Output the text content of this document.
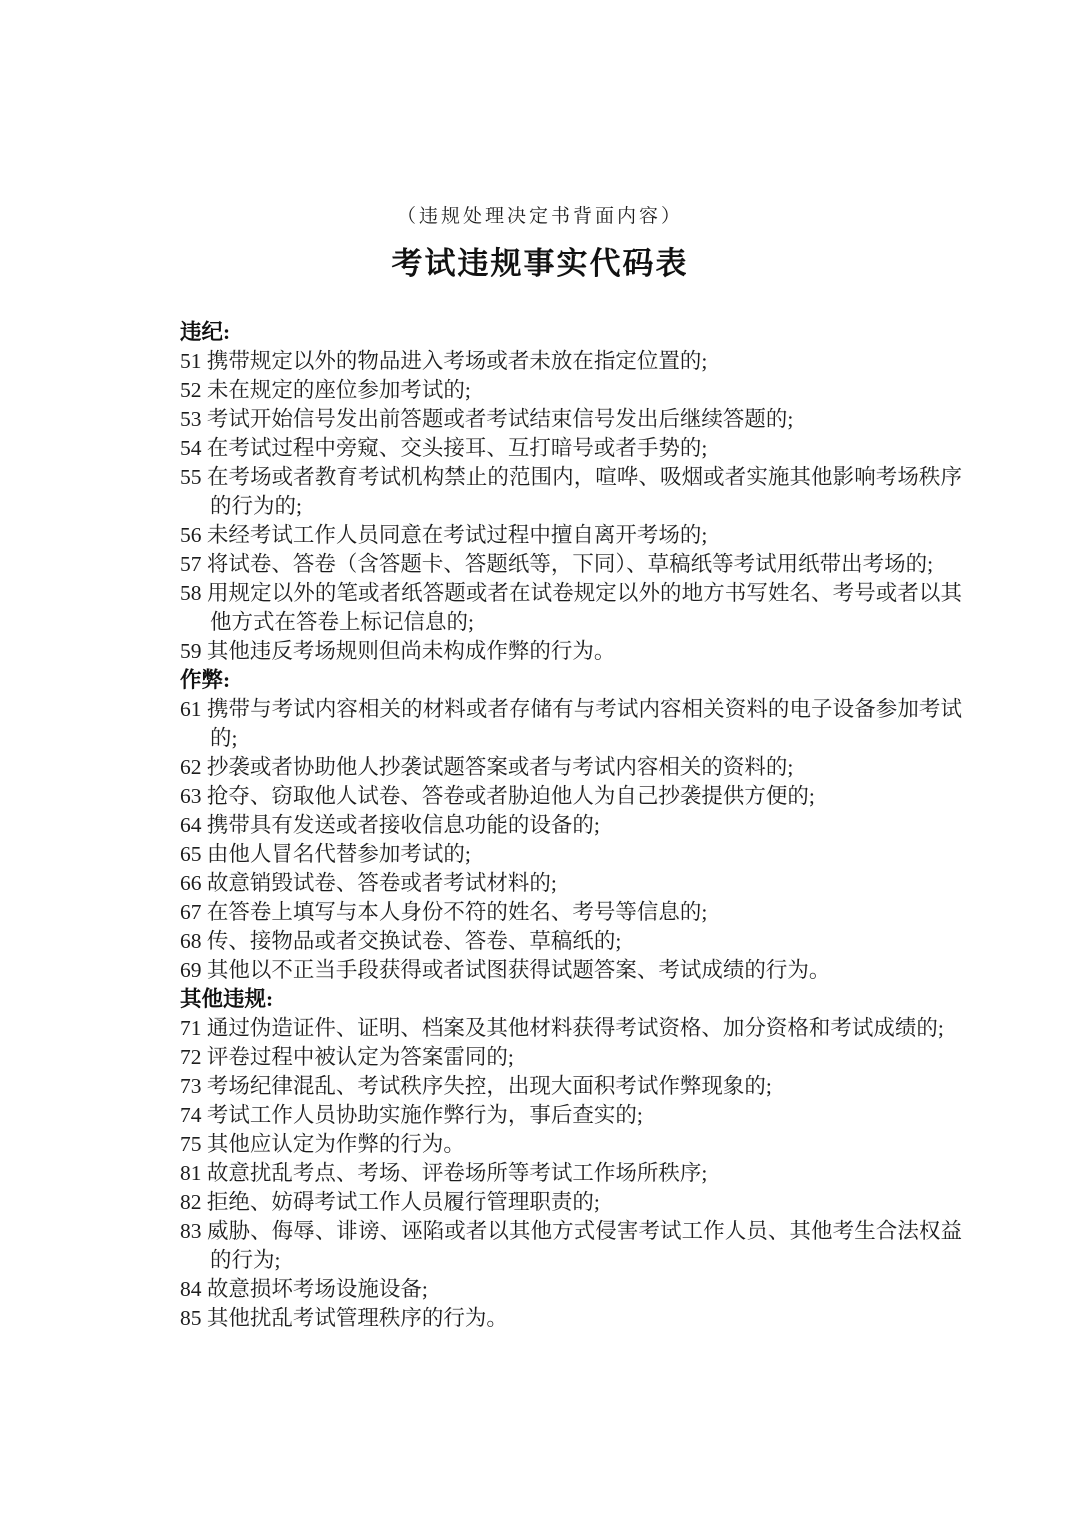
（违规处理决定书背面内容）
考试违规事实代码表
违纪:

51 携带规定以外的物品进入考场或者未放在指定位置的;

52 未在规定的座位参加考试的;

53 考试开始信号发出前答题或者考试结束信号发出后继续答题的;

54 在考试过程中旁窥、交头接耳、互打暗号或者手势的;

55 在考场或者教育考试机构禁止的范围内，喧哗、吸烟或者实施其他影响考场秩序的行为的;

56 未经考试工作人员同意在考试过程中擅自离开考场的;

57 将试卷、答卷（含答题卡、答题纸等，下同）、草稿纸等考试用纸带出考场的;

58 用规定以外的笔或者纸答题或者在试卷规定以外的地方书写姓名、考号或者以其他方式在答卷上标记信息的;

59 其他违反考场规则但尚未构成作弊的行为。

作弊:

61 携带与考试内容相关的材料或者存储有与考试内容相关资料的电子设备参加考试的;

62 抄袭或者协助他人抄袭试题答案或者与考试内容相关的资料的;

63 抢夺、窃取他人试卷、答卷或者胁迫他人为自己抄袭提供方便的;

64 携带具有发送或者接收信息功能的设备的;

65 由他人冒名代替参加考试的;

66 故意销毁试卷、答卷或者考试材料的;

67 在答卷上填写与本人身份不符的姓名、考号等信息的;

68 传、接物品或者交换试卷、答卷、草稿纸的;

69 其他以不正当手段获得或者试图获得试题答案、考试成绩的行为。

其他违规:

71 通过伪造证件、证明、档案及其他材料获得考试资格、加分资格和考试成绩的;

72 评卷过程中被认定为答案雷同的;

73 考场纪律混乱、考试秩序失控，出现大面积考试作弊现象的;

74 考试工作人员协助实施作弊行为，事后查实的;

75 其他应认定为作弊的行为。

81 故意扰乱考点、考场、评卷场所等考试工作场所秩序;

82 拒绝、妨碍考试工作人员履行管理职责的;

83 威胁、侮辱、诽谤、诬陷或者以其他方式侵害考试工作人员、其他考生合法权益的行为;

84 故意损坏考场设施设备;

85 其他扰乱考试管理秩序的行为。
